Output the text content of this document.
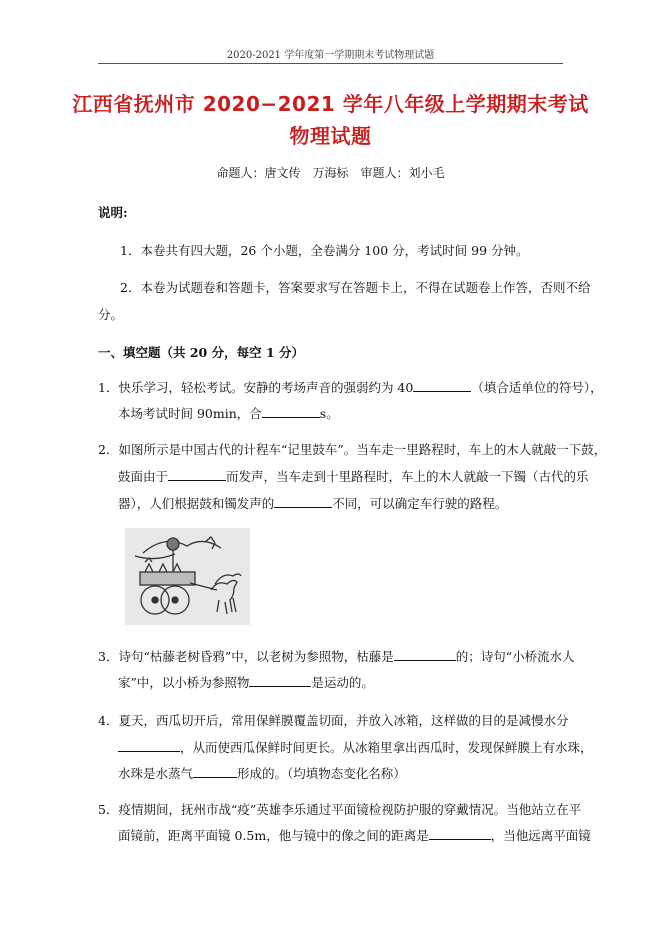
2020-2021 学年度第一学期期末考试物理试题
江西省抚州市 2020−2021 学年八年级上学期期末考试
物理试题
命题人：唐文传　万海标　审题人：刘小毛
说明:
1．本卷共有四大题，26 个小题，全卷满分 100 分，考试时间 99 分钟。
2．本卷为试题卷和答题卡，答案要求写在答题卡上，不得在试题卷上作答，否则不给
分。
一、填空题（共 20 分，每空 1 分）
1．快乐学习，轻松考试。安静的考场声音的强弱约为 40	（填合适单位的符号），
本场考试时间 90min，合	s。
2．如图所示是中国古代的计程车“记里鼓车”。当车走一里路程时，车上的木人就敲一下鼓，
鼓面由于	而发声，当车走到十里路程时，车上的木人就敲一下镯（古代的乐
器），人们根据鼓和镯发声的	不同，可以确定车行驶的路程。
3．诗句“枯藤老树昏鸦”中，以老树为参照物，枯藤是	的；诗句“小桥流水人
家”中，以小桥为参照物	是运动的。
4．夏天，西瓜切开后，常用保鲜膜覆盖切面，并放入冰箱，这样做的目的是减慢水分
，从而使西瓜保鲜时间更长。从冰箱里拿出西瓜时，发现保鲜膜上有水珠，
水珠是水蒸气	形成的。（均填物态变化名称）
5．疫情期间，抚州市战“疫”英雄李乐通过平面镜检视防护服的穿戴情况。当他站立在平
面镜前，距离平面镜 0.5m，他与镜中的像之间的距离是	，当他远离平面镜
